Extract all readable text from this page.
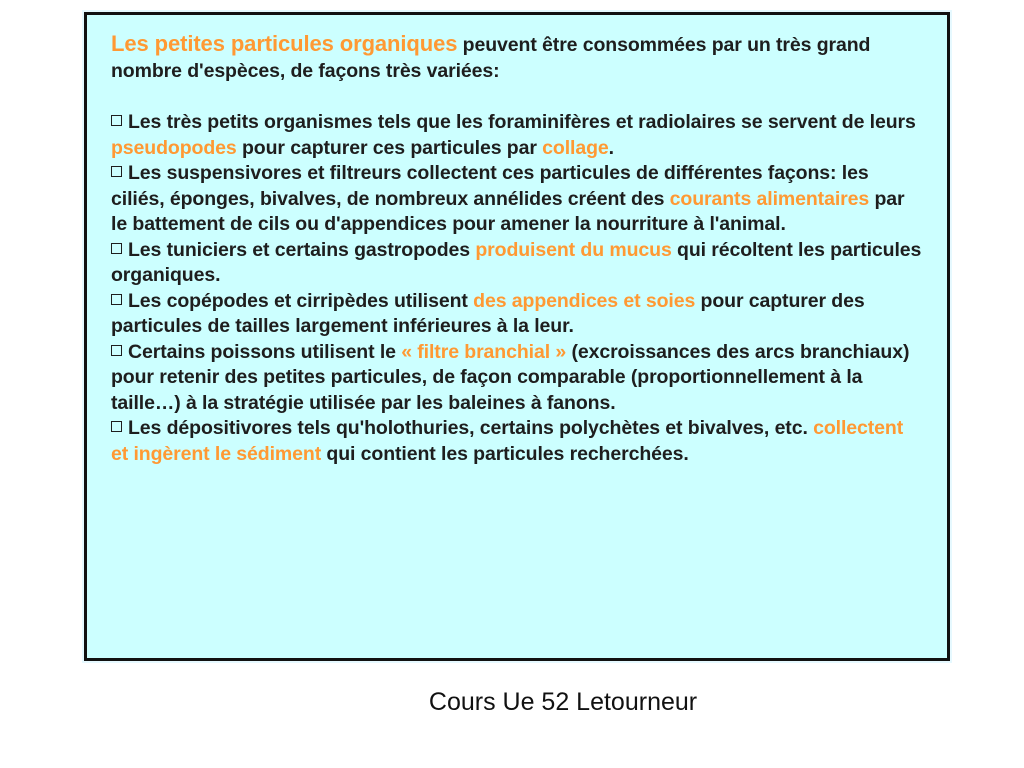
Les petites particules organiques peuvent être consommées par un très grand nombre d'espèces, de façons très variées:

Les très petits organismes tels que les foraminifères et radiolaires se servent de leurs pseudopodes pour capturer ces particules par collage.

Les suspensivores et filtreurs collectent ces particules de différentes façons: les ciliés, éponges, bivalves, de nombreux annélides créent des courants alimentaires par le battement de cils ou d'appendices pour amener la nourriture à l'animal.

Les tuniciers et certains gastropodes produisent du mucus qui récoltent les particules organiques.

Les copépodes et cirripèdes utilisent des appendices et soies pour capturer des particules de tailles largement inférieures à la leur.

Certains poissons utilisent le « filtre branchial » (excroissances des arcs branchiaux) pour retenir des petites particules, de façon comparable (proportionnellement à la taille…) à la stratégie utilisée par les baleines à fanons.

Les dépositivores tels qu'holothuries, certains polychètes et bivalves, etc. collectent et ingèrent le sédiment qui contient les particules recherchées.

Cours Ue 52 Letourneur
